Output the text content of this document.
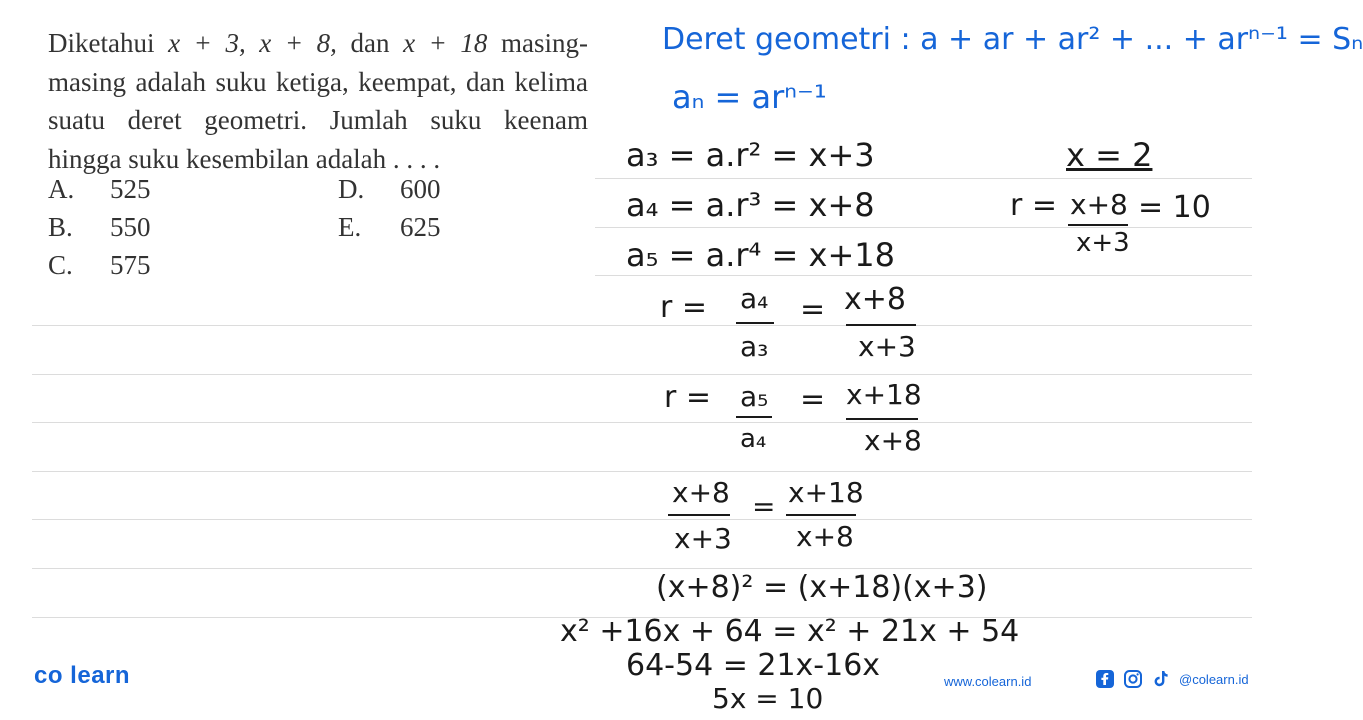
Diketahui x + 3, x + 8, dan x + 18 masing-masing adalah suku ketiga, keempat, dan kelima suatu deret geometri. Jumlah suku keenam hingga suku kesembilan adalah . . . .
A. 525
B. 550
C. 575
D. 600
E. 625
Deret geometri : a + ar + ar² + ... + arⁿ⁻¹ = Sₙ
aₙ = arⁿ⁻¹
a₃ = a.r² = x+3
a₄ = a.r³ = x+8
a₅ = a.r⁴ = x+18
x = 2
r = x+8
x+3
= 10
r = a₄
a₃
= x+8
x+3
r = a₅
a₄
= x+18
x+8
x+8
x+3
= x+18
x+8
(x+8)² = (x+18)(x+3)
x² +16x + 64 = x² + 21x + 54
64-54 = 21x-16x
5x = 10
co learn	www.colearn.id	@colearn.id
